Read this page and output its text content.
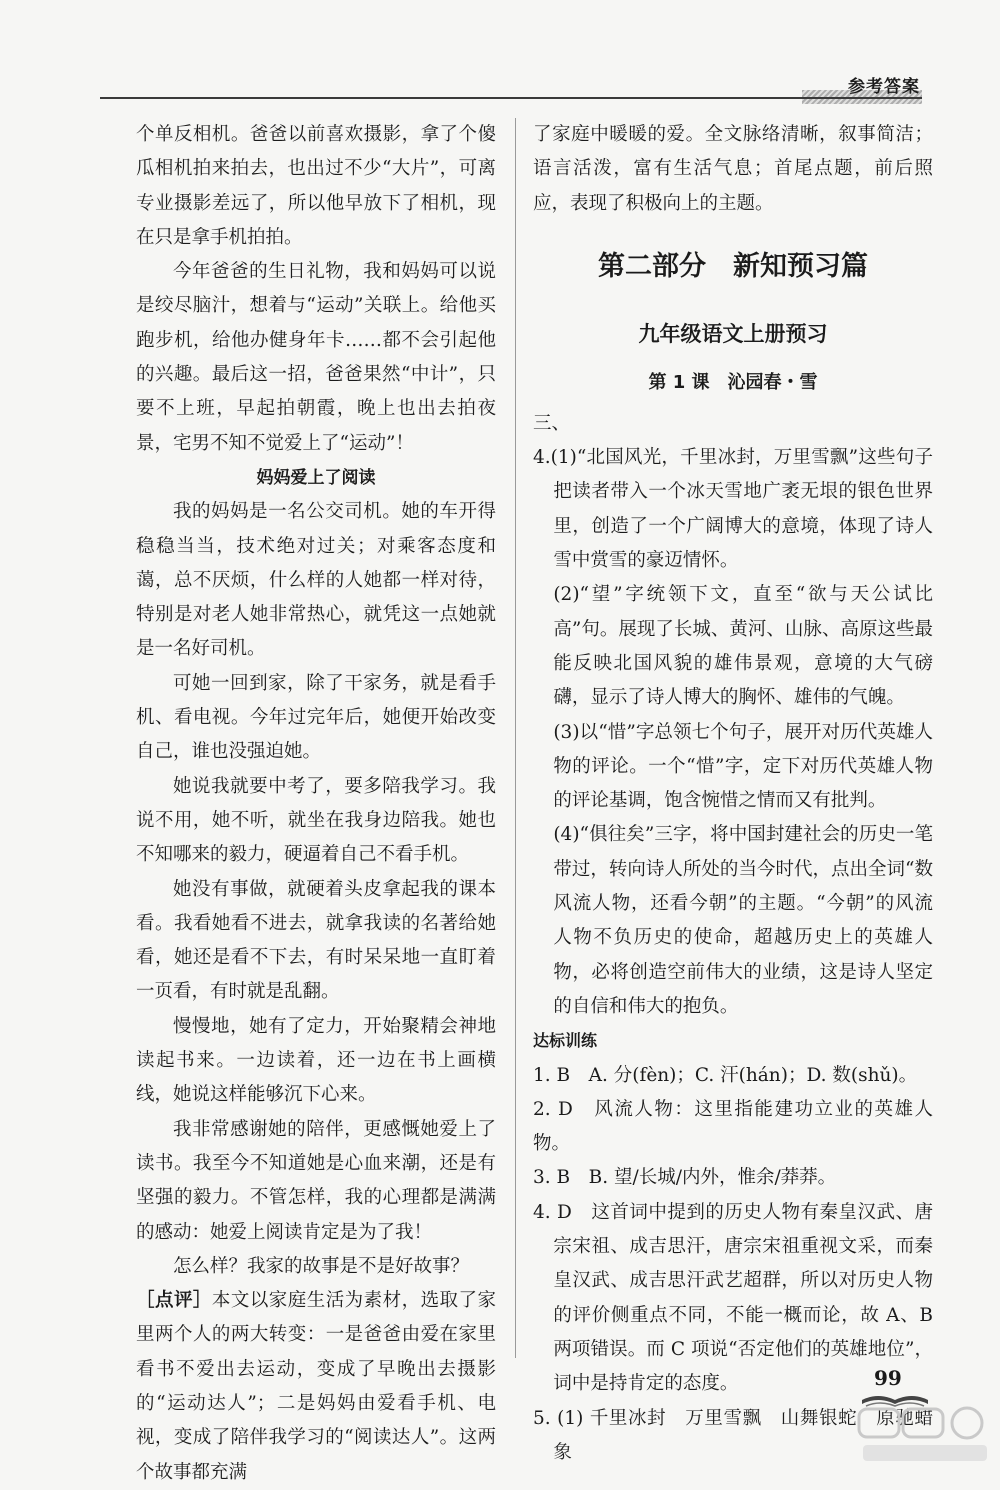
参考答案

个单反相机。爸爸以前喜欢摄影，拿了个傻瓜相机拍来拍去，也出过不少“大片”，可离专业摄影差远了，所以他早放下了相机，现在只是拿手机拍拍。

今年爸爸的生日礼物，我和妈妈可以说是绞尽脑汁，想着与“运动”关联上。给他买跑步机，给他办健身年卡……都不会引起他的兴趣。最后这一招，爸爸果然“中计”，只要不上班，早起拍朝霞，晚上也出去拍夜景，宅男不知不觉爱上了“运动”！

妈妈爱上了阅读

我的妈妈是一名公交司机。她的车开得稳稳当当，技术绝对过关；对乘客态度和蔼，总不厌烦，什么样的人她都一样对待，特别是对老人她非常热心，就凭这一点她就是一名好司机。

可她一回到家，除了干家务，就是看手机、看电视。今年过完年后，她便开始改变自己，谁也没强迫她。

她说我就要中考了，要多陪我学习。我说不用，她不听，就坐在我身边陪我。她也不知哪来的毅力，硬逼着自己不看手机。

她没有事做，就硬着头皮拿起我的课本看。我看她看不进去，就拿我读的名著给她看，她还是看不下去，有时呆呆地一直盯着一页看，有时就是乱翻。

慢慢地，她有了定力，开始聚精会神地读起书来。一边读着，还一边在书上画横线，她说这样能够沉下心来。

我非常感谢她的陪伴，更感慨她爱上了读书。我至今不知道她是心血来潮，还是有坚强的毅力。不管怎样，我的心理都是满满的感动：她爱上阅读肯定是为了我！

怎么样？我家的故事是不是好故事？

［点评］本文以家庭生活为素材，选取了家里两个人的两大转变：一是爸爸由爱在家里看书不爱出去运动，变成了早晚出去摄影的“运动达人”；二是妈妈由爱看手机、电视，变成了陪伴我学习的“阅读达人”。这两个故事都充满

了家庭中暖暖的爱。全文脉络清晰，叙事简洁；语言活泼，富有生活气息；首尾点题，前后照应，表现了积极向上的主题。

第二部分　新知预习篇
九年级语文上册预习
第 1 课　沁园春・雪

三、

4.(1)“北国风光，千里冰封，万里雪飘”这些句子把读者带入一个冰天雪地广袤无垠的银色世界里，创造了一个广阔博大的意境，体现了诗人雪中赏雪的豪迈情怀。

(2)“望”字统领下文，直至“欲与天公试比高”句。展现了长城、黄河、山脉、高原这些最能反映北国风貌的雄伟景观，意境的大气磅礴，显示了诗人博大的胸怀、雄伟的气魄。

(3)以“惜”字总领七个句子，展开对历代英雄人物的评论。一个“惜”字，定下对历代英雄人物的评论基调，饱含惋惜之情而又有批判。

(4)“俱往矣”三字，将中国封建社会的历史一笔带过，转向诗人所处的当今时代，点出全词“数风流人物，还看今朝”的主题。“今朝”的风流人物不负历史的使命，超越历史上的英雄人物，必将创造空前伟大的业绩，这是诗人坚定的自信和伟大的抱负。

达标训练

1. B　A. 分(fèn)；C. 汗(hán)；D. 数(shǔ)。

2. D　风流人物：这里指能建功立业的英雄人物。

3. B　B. 望/长城/内外，惟余/莽莽。

4. D　这首词中提到的历史人物有秦皇汉武、唐宗宋祖、成吉思汗，唐宗宋祖重视文采，而秦皇汉武、成吉思汗武艺超群，所以对历史人物的评价侧重点不同，不能一概而论，故 A、B 两项错误。而 C 项说“否定他们的英雄地位”，词中是持肯定的态度。

5. (1) 千里冰封　万里雪飘　山舞银蛇　原驰蜡象

99
